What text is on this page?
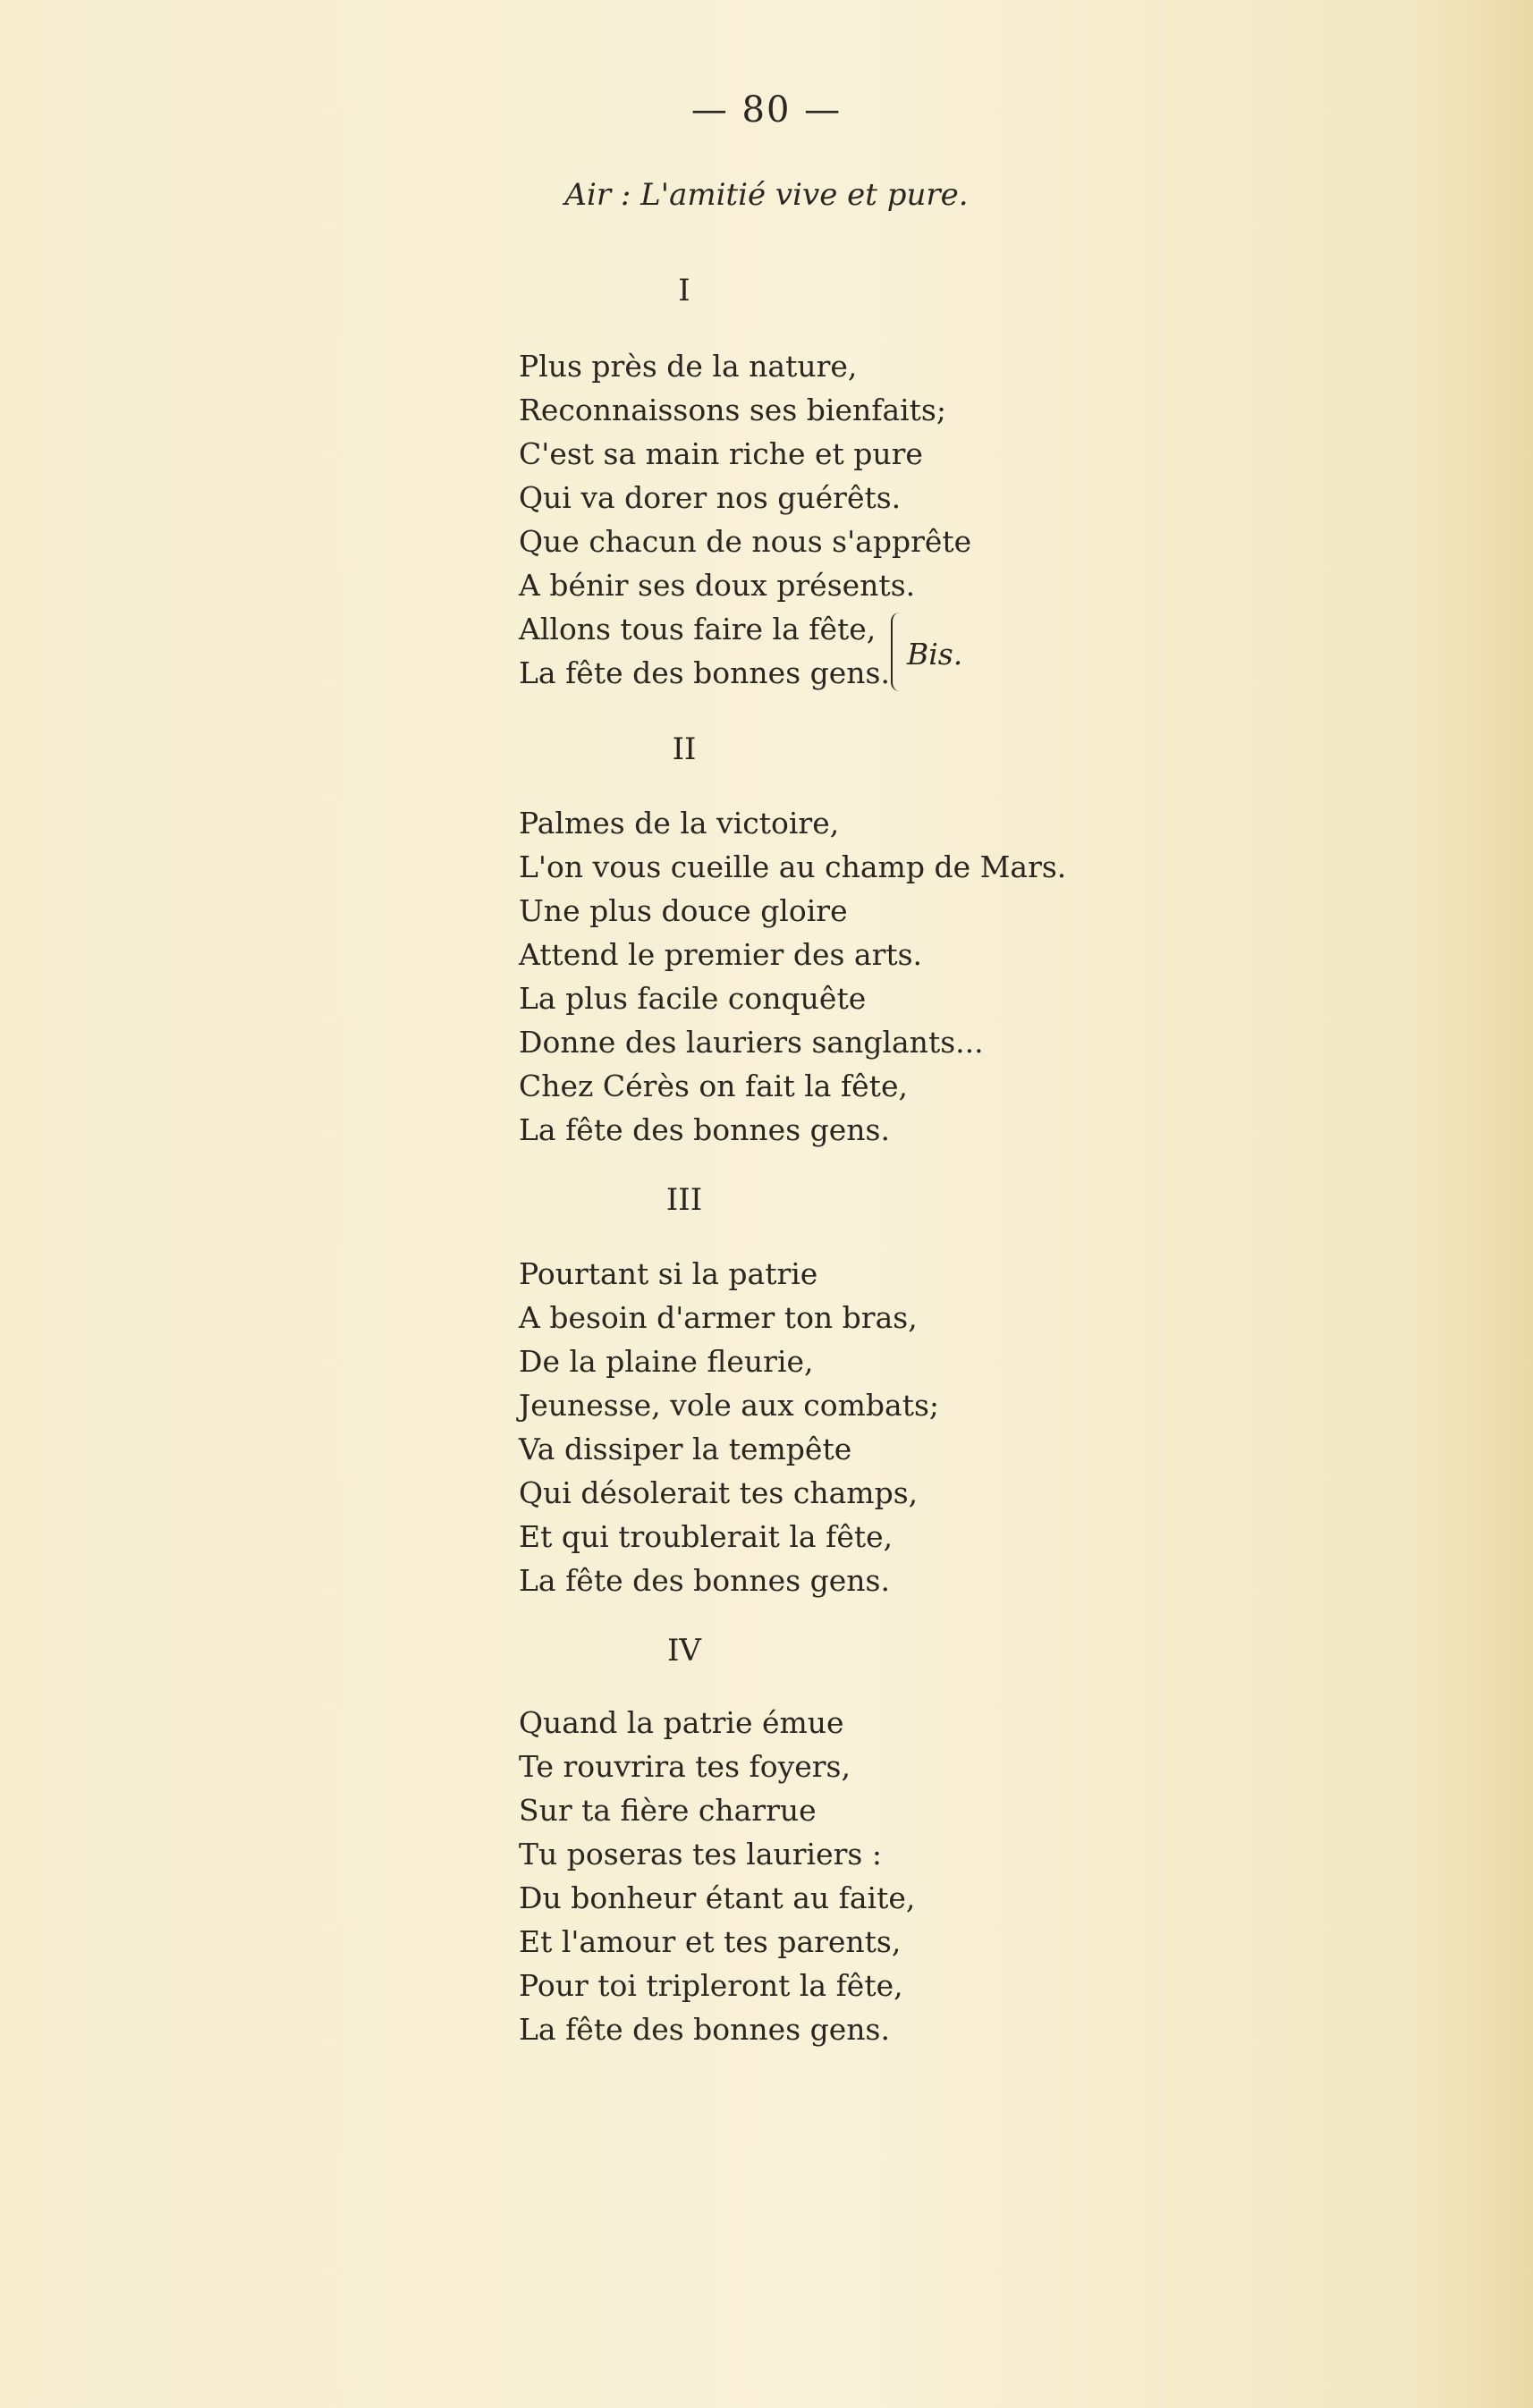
— 80 —
Air : L'amitié vive et pure.
I
Plus près de la nature,
Reconnaissons ses bienfaits;
C'est sa main riche et pure
Qui va dorer nos guérêts.
Que chacun de nous s'apprête
A bénir ses doux présents.
Allons tous faire la fête,
La fête des bonnes gens.
Bis.
II
Palmes de la victoire,
L'on vous cueille au champ de Mars.
Une plus douce gloire
Attend le premier des arts.
La plus facile conquête
Donne des lauriers sanglants...
Chez Cérès on fait la fête,
La fête des bonnes gens.
III
Pourtant si la patrie
A besoin d'armer ton bras,
De la plaine fleurie,
Jeunesse, vole aux combats;
Va dissiper la tempête
Qui désolerait tes champs,
Et qui troublerait la fête,
La fête des bonnes gens.
IV
Quand la patrie émue
Te rouvrira tes foyers,
Sur ta fière charrue
Tu poseras tes lauriers :
Du bonheur étant au faite,
Et l'amour et tes parents,
Pour toi tripleront la fête,
La fête des bonnes gens.
